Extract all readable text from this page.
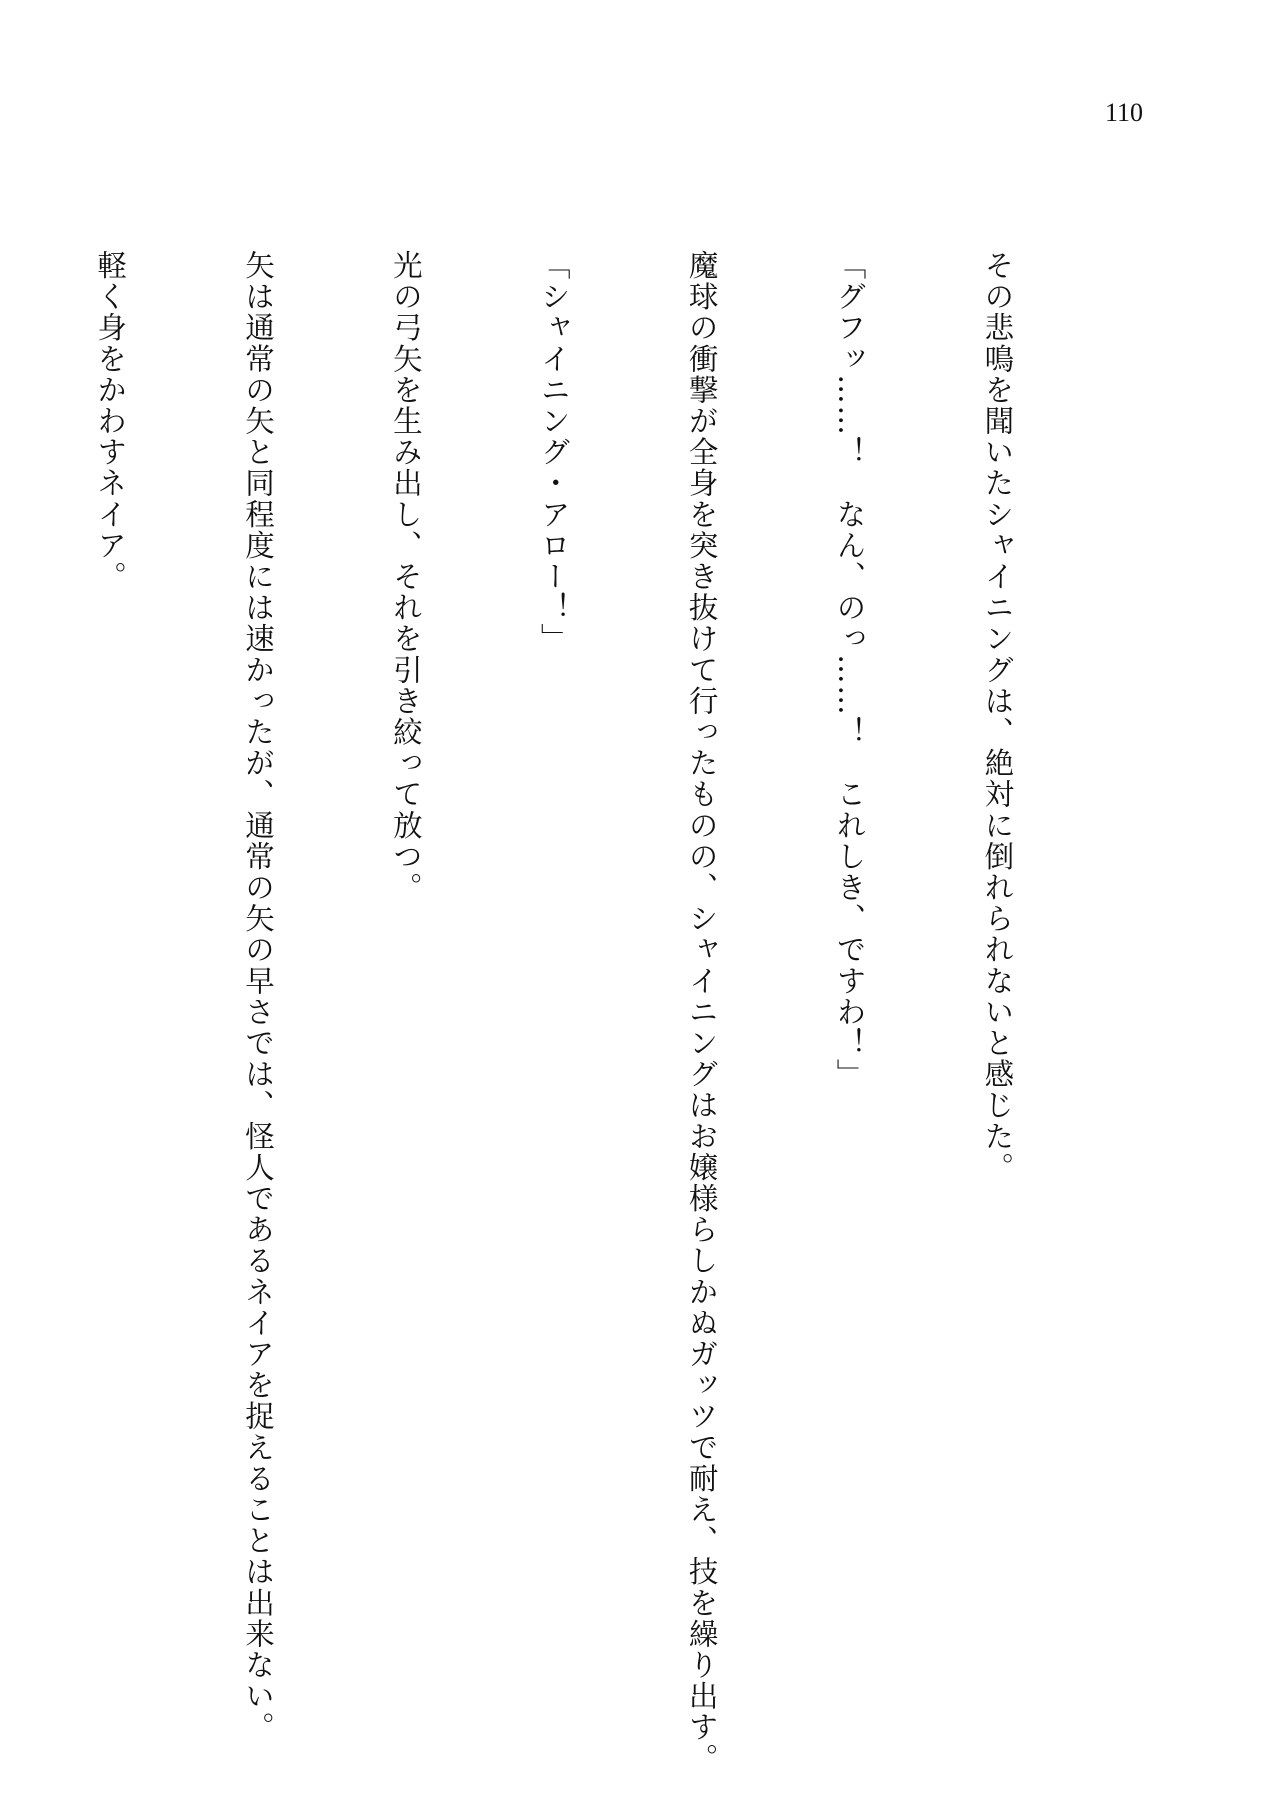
110

その悲鳴を聞いたシャイニングは、絶対に倒れられないと感じた。

「グフッ……！　なん、のっ……！　これしき、ですわ！」

魔球の衝撃が全身を突き抜けて行ったものの、シャイニングはお嬢様らしかぬガッツで耐え、技を繰り出す。

「シャイニング・アロー！」

光の弓矢を生み出し、それを引き絞って放つ。

矢は通常の矢と同程度には速かったが、通常の矢の早さでは、怪人であるネイアを捉えることは出来ない。

軽く身をかわすネイア。
